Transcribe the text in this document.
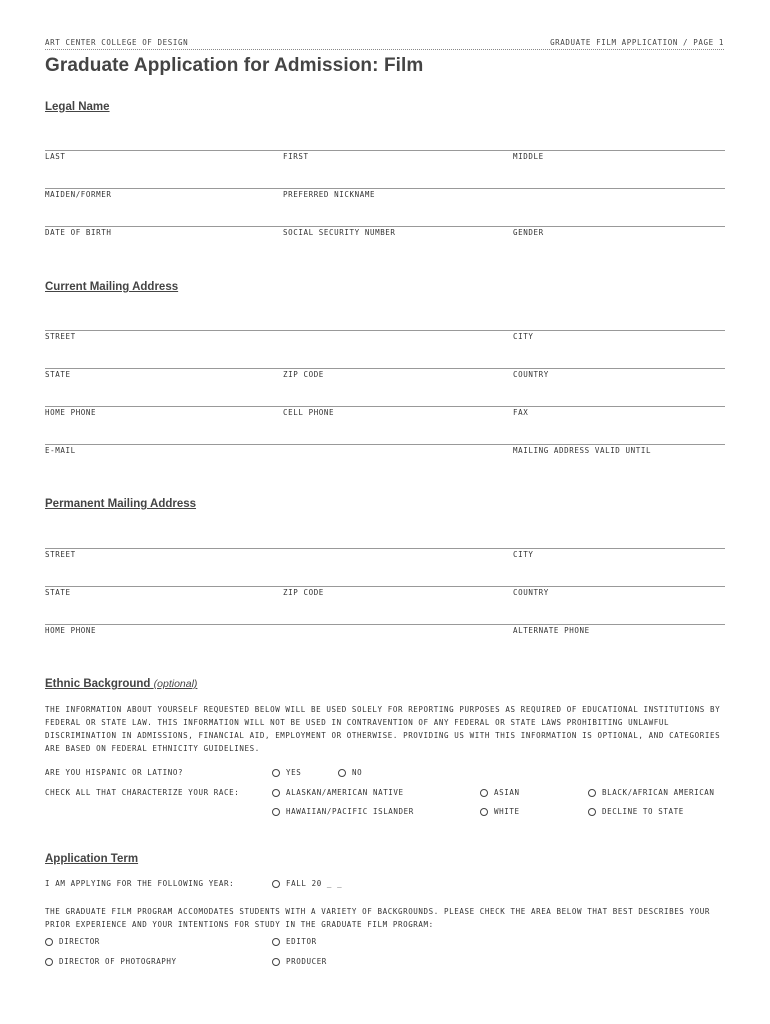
ART CENTER COLLEGE OF DESIGN	GRADUATE FILM APPLICATION / PAGE 1
Graduate Application for Admission: Film
Legal Name
LAST	FIRST	MIDDLE
MAIDEN/FORMER	PREFERRED NICKNAME
DATE OF BIRTH	SOCIAL SECURITY NUMBER	GENDER
Current Mailing Address
STREET	CITY
STATE	ZIP CODE	COUNTRY
HOME PHONE	CELL PHONE	FAX
E-MAIL	MAILING ADDRESS VALID UNTIL
Permanent Mailing Address
STREET	CITY
STATE	ZIP CODE	COUNTRY
HOME PHONE	ALTERNATE PHONE
Ethnic Background (optional)
THE INFORMATION ABOUT YOURSELF REQUESTED BELOW WILL BE USED SOLELY FOR REPORTING PURPOSES AS REQUIRED OF EDUCATIONAL INSTITUTIONS BY FEDERAL OR STATE LAW. THIS INFORMATION WILL NOT BE USED IN CONTRAVENTION OF ANY FEDERAL OR STATE LAWS PROHIBITING UNLAWFUL DISCRIMINATION IN ADMISSIONS, FINANCIAL AID, EMPLOYMENT OR OTHERWISE. PROVIDING US WITH THIS INFORMATION IS OPTIONAL, AND CATEGORIES ARE BASED ON FEDERAL ETHNICITY GUIDELINES.
ARE YOU HISPANIC OR LATINO?	YES	NO
CHECK ALL THAT CHARACTERIZE YOUR RACE:	ALASKAN/AMERICAN NATIVE	ASIAN	BLACK/AFRICAN AMERICAN
HAWAIIAN/PACIFIC ISLANDER	WHITE	DECLINE TO STATE
Application Term
I AM APPLYING FOR THE FOLLOWING YEAR:	FALL 20 _ _
THE GRADUATE FILM PROGRAM ACCOMODATES STUDENTS WITH A VARIETY OF BACKGROUNDS. PLEASE CHECK THE AREA BELOW THAT BEST DESCRIBES YOUR PRIOR EXPERIENCE AND YOUR INTENTIONS FOR STUDY IN THE GRADUATE FILM PROGRAM:
DIRECTOR	EDITOR
DIRECTOR OF PHOTOGRAPHY	PRODUCER
